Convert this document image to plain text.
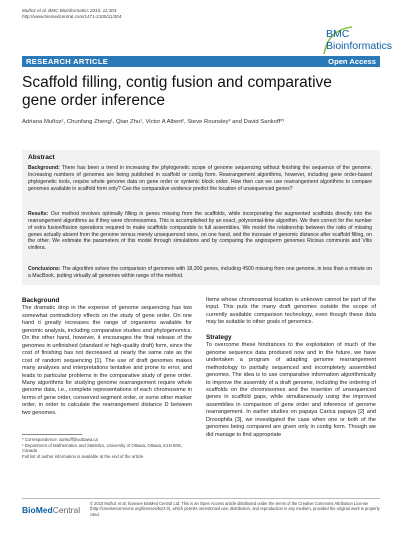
Muñoz et al. BMC Bioinformatics 2010, 11:304
http://www.biomedcentral.com/1471-2105/11/304
BMC
Bioinformatics
RESEARCH ARTICLE	Open Access
Scaffold filling, contig fusion and comparative gene order inference
Adriana Muñoz¹, Chunfang Zheng¹, Qian Zhu¹, Victor A Albert², Steve Rounsley³ and David Sankoff*¹
Abstract
Background: There has been a trend in increasing the phylogenetic scope of genome sequencing without finishing the sequence of the genome. Increasing numbers of genomes are being published in scaffold or contig form. Rearrangement algorithms, however, including gene order-based phylogenetic tools, require whole genome data on gene order or syntenic block order. How then can we use rearrangement algorithms to compare genomes available in scaffold form only? Can the comparative evidence predict the location of unsequenced genes?
Results: Our method involves optimally filling in genes missing from the scaffolds, while incorporating the augmented scaffolds directly into the rearrangement algorithms as if they were chromosomes. This is accomplished by an exact, polynomial-time algorithm. We then correct for the number of extra fusion/fission operations required to make scaffolds comparable to full assemblies. We model the relationship between the ratio of missing genes actually absent from the genome versus merely unsequenced ones, on one hand, and the increase of genomic distance after scaffold filling, on the other. We estimate the parameters of this model through simulations and by comparing the angiosperm genomes Ricinus communis and Vitis vinifera.
Conclusions: The algorithm solves the comparison of genomes with 18,300 genes, including 4500 missing from one genome, in less than a minute on a MacBook, putting virtually all genomes within range of the method.
Background

The dramatic drop in the expense of genome sequencing has two somewhat contradictory effects on the study of gene order. On one hand it greatly increases the range of organisms available for genomic analysis, including comparative studies and phylogenomics. On the other hand, however, it encourages the final release of the genomes in unfinished (standard or high-quality draft) form, since the cost of finishing has not decreased at nearly the same rate as the cost of random sequencing [1]. The use of draft genomes makes many analyses and interpretations tentative and prone to error, and leads to particular problems in the comparative study of gene order. Many algorithms for studying genome rearrangement require whole genome data, i.e., complete representations of each chromosome in terms of gene order, conserved segment order, or some other marker order, in order to calculate the rearrangement distance D between two genomes.

Items whose chromosomal location is unknown cannot be part of the input. This puts the many draft genomes outside the scope of currently available comparison technology, even though these data may be suitable to other goals of genomics.

Strategy

To overcome these hindrances to the exploitation of much of the genome sequence data produced now and in the future, we have undertaken a program of adapting genome rearrangement methodology to partially sequenced and incompletely assembled genomes. The idea is to use comparative information algorithmically to improve the assembly of a draft genome, including the ordering of scaffolds on the chromosomes and the insertion of unsequenced genes in scaffold gaps, while simultaneously using the improved assemblies in comparison of gene order and inference of genome rearrangement. In earlier studies on papaya Carica papaya [2] and Drosophila [3], we investigated the case when one or both of the genomes being compared are given only in contig form. Though we did manage to find appropriate

* Correspondence: sankoff@uottawa.ca
¹ Department of Mathematics and Statistics, University of Ottawa, Ottawa, K1N 6N5, Canada
Full list of author information is available at the end of the article
BioMedCentral
© 2010 Muñoz et al; licensee BioMed Central Ltd. This is an Open Access article distributed under the terms of the Creative Commons Attribution License (http://creativecommons.org/licenses/by/2.0), which permits unrestricted use, distribution, and reproduction in any medium, provided the original work is properly cited.
